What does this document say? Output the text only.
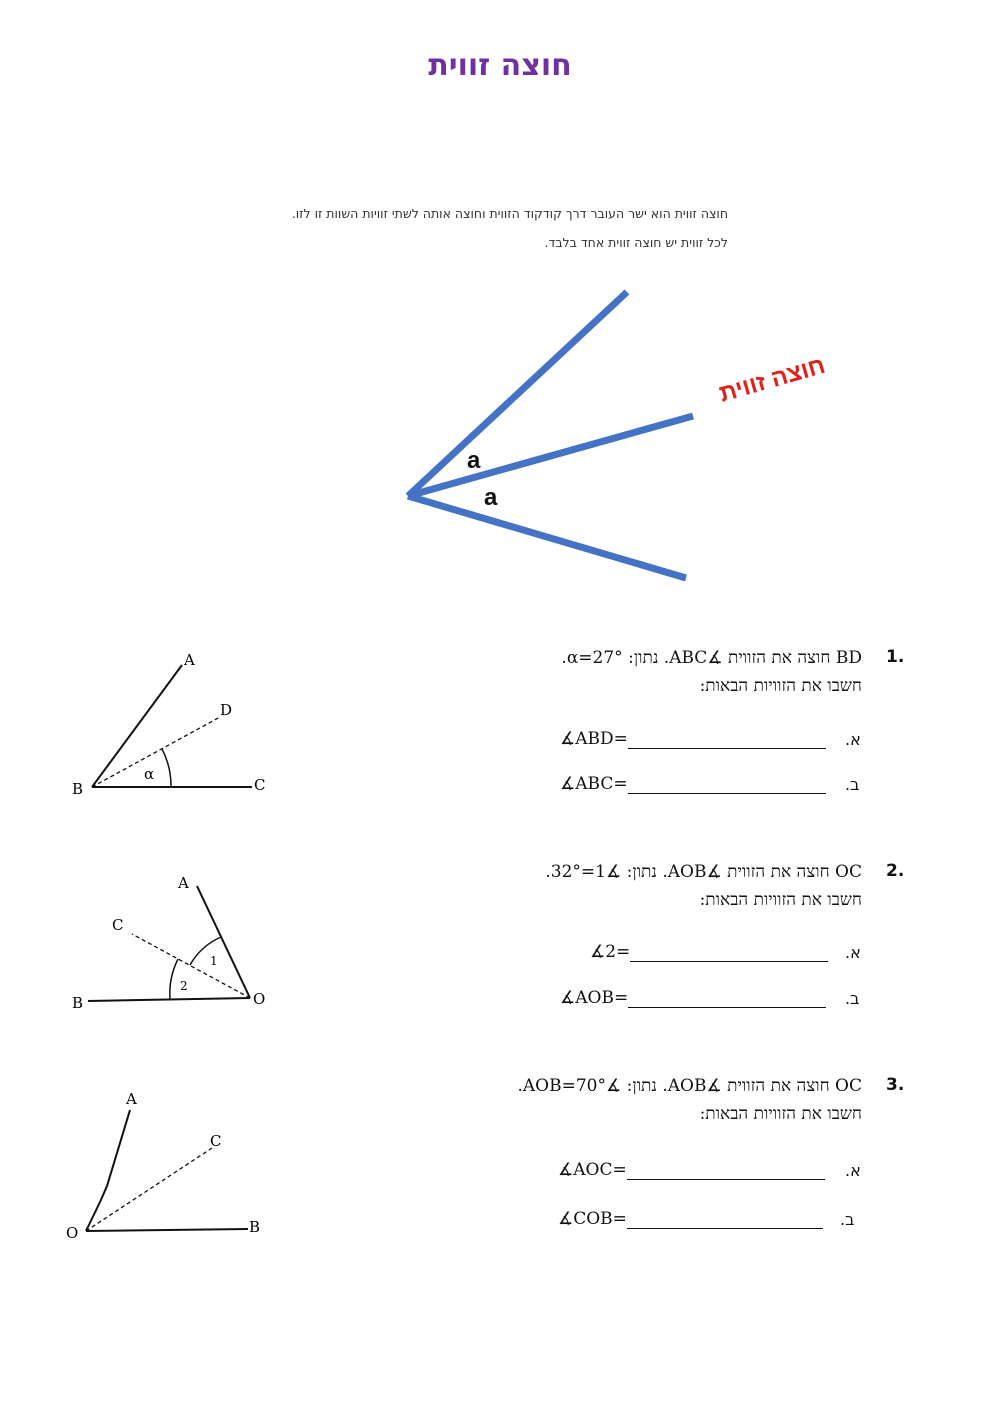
חוצה זווית
חוצה זווית הוא ישר העובר דרך קודקוד הזווית וחוצה אותה לשתי זוויות השוות זו לזו.
לכל זווית יש חוצה זווית אחד בלבד.
a
a
חוצה זווית
1.
BD חוצה את הזווית ∡ABC. נתון: α=27°.
חשבו את הזוויות הבאות:
∡ABD=	א.
∡ABC=	ב.
A
D
B	C
α
2.
OC חוצה את הזווית ∡AOB. נתון: ∡1=32°.
חשבו את הזוויות הבאות:
∡2=	א.
∡AOB=	ב.
A
C
B	O
1
2
3.
OC חוצה את הזווית ∡AOB. נתון: ∡AOB=70°.
חשבו את הזוויות הבאות:
∡AOC=	א.
∡COB=	ב.
A
C
O	B
